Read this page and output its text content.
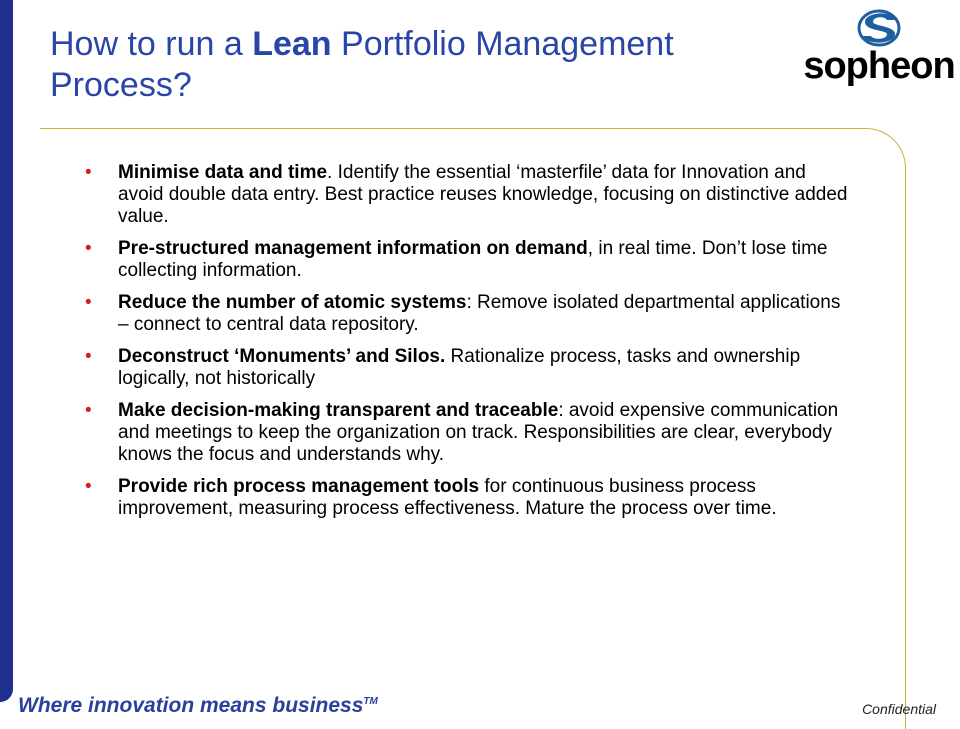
How to run a Lean Portfolio Management Process?	sopheon
• Minimise data and time. Identify the essential ‘masterfile’ data for Innovation and avoid double data entry. Best practice reuses knowledge, focusing on distinctive added value.
• Pre-structured management information on demand, in real time. Don’t lose time collecting information.
• Reduce the number of atomic systems: Remove isolated departmental applications – connect to central data repository.
• Deconstruct ‘Monuments’ and Silos. Rationalize process, tasks and ownership logically, not historically
• Make decision-making transparent and traceable: avoid expensive communication and meetings to keep the organization on track. Responsibilities are clear, everybody knows the focus and understands why.
• Provide rich process management tools for continuous business process improvement, measuring process effectiveness. Mature the process over time.
Where innovation means business™	Confidential
